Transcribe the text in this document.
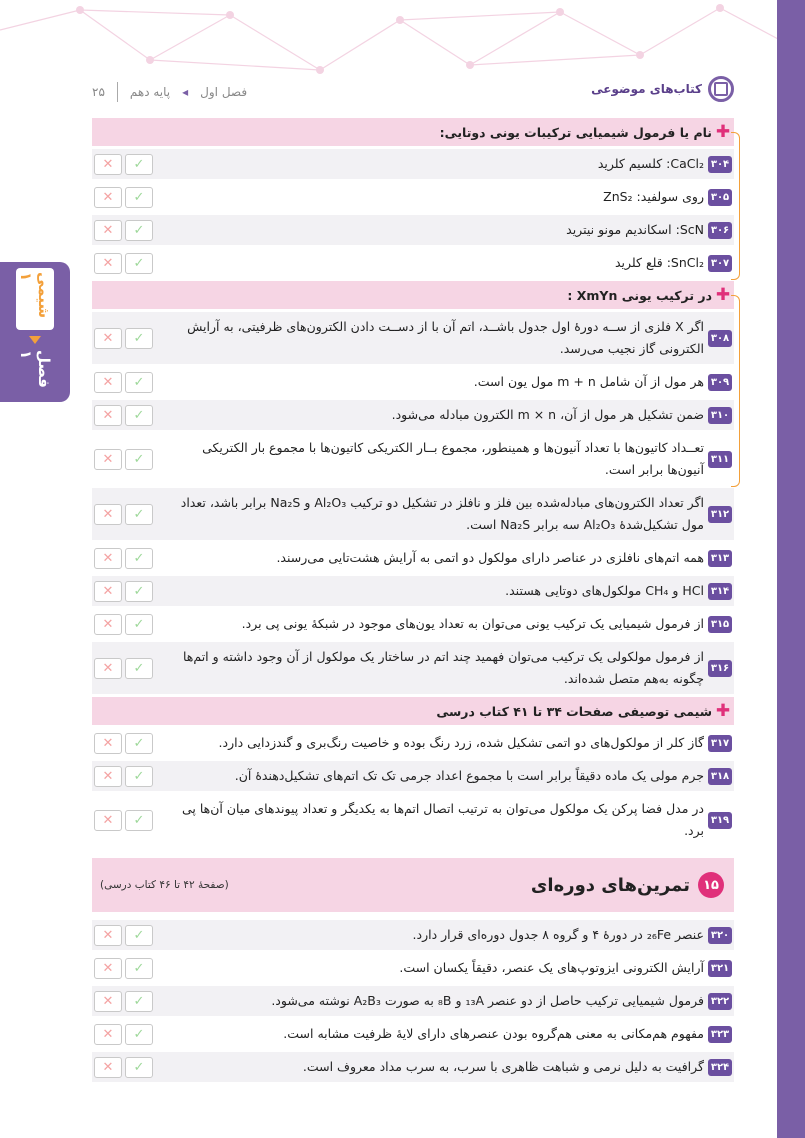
شیمی ۱
فصل ۱
کتاب‌های موضوعی
۲۵ پایه دهم ◂ فصل اول
✚
نام یا فرمول شیمیایی ترکیبات یونی دوتایی:
۳۰۴
CaCl₂: کلسیم کلرید
✕	✓
۳۰۵
روی سولفید: ZnS₂
✕	✓
۳۰۶
ScN: اسکاندیم مونو نیترید
✕	✓
۳۰۷
SnCl₂: قلع کلرید
✕	✓
✚
در ترکیب یونی XmYn :
۳۰۸
اگر X فلزی از ســه دورهٔ اول جدول باشــد، اتم آن با از دســت دادن الکترون‌های ظرفیتی، به آرایش الکترونی گاز نجیب می‌رسد.
✕	✓
۳۰۹
هر مول از آن شامل m + n مول یون است.
✕	✓
۳۱۰
ضمن تشکیل هر مول از آن، m × n الکترون مبادله می‌شود.
✕	✓
۳۱۱
تعــداد کاتیون‌ها با تعداد آنیون‌ها و همینطور، مجموع بــار الکتریکی کاتیون‌ها با مجموع بار الکتریکی آنیون‌ها برابر است.
✕	✓
۳۱۲
اگر تعداد الکترون‌های مبادله‌شده بین فلز و نافلز در تشکیل دو ترکیب Al₂O₃ و Na₂S برابر باشد، تعداد مول تشکیل‌شدهٔ Al₂O₃ سه برابر Na₂S است.
✕	✓
۳۱۳
همه اتم‌های نافلزی در عناصر دارای مولکول دو اتمی به آرایش هشت‌تایی می‌رسند.
✕	✓
۳۱۴
HCl و CH₄ مولکول‌های دوتایی هستند.
✕	✓
۳۱۵
از فرمول شیمیایی یک ترکیب یونی می‌توان به تعداد یون‌های موجود در شبکهٔ یونی پی برد.
✕	✓
۳۱۶
از فرمول مولکولی یک ترکیب می‌توان فهمید چند اتم در ساختار یک مولکول از آن وجود داشته و اتم‌ها چگونه به‌هم متصل شده‌اند.
✕	✓
✚
شیمی توصیفی صفحات ۳۴ تا ۴۱ کتاب درسی
۳۱۷
گاز کلر از مولکول‌های دو اتمی تشکیل شده، زرد رنگ بوده و خاصیت رنگ‌بری و گندزدایی دارد.
✕	✓
۳۱۸
جرم مولی یک ماده دقیقاً برابر است با مجموع اعداد جرمی تک تک اتم‌های تشکیل‌دهندهٔ آن.
✕	✓
۳۱۹
در مدل فضا پرکن یک مولکول می‌توان به ترتیب اتصال اتم‌ها به یکدیگر و تعداد پیوندهای میان آن‌ها پی برد.
✕	✓
۱۵
تمرین‌های دوره‌ای
(صفحهٔ ۴۲ تا ۴۶ کتاب درسی)
۳۲۰
عنصر ₂₆Fe در دورهٔ ۴ و گروه ۸ جدول دوره‌ای قرار دارد.
✕	✓
۳۲۱
آرایش الکترونی ایزوتوپ‌های یک عنصر، دقیقاً یکسان است.
✕	✓
۳۲۲
فرمول شیمیایی ترکیب حاصل از دو عنصر ₁₃A و ₈B به صورت A₂B₃ نوشته می‌شود.
✕	✓
۳۲۳
مفهوم هم‌مکانی به معنی هم‌گروه بودن عنصرهای دارای لایهٔ ظرفیت مشابه است.
✕	✓
۳۲۴
گرافیت به دلیل نرمی و شباهت ظاهری با سرب، به سرب مداد معروف است.
✕	✓
